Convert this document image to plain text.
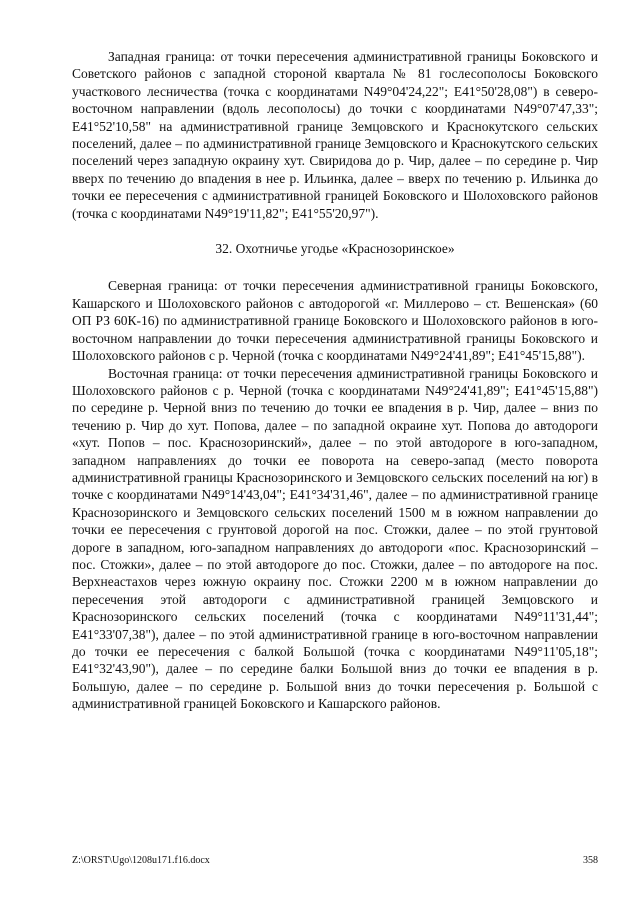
Западная граница: от точки пересечения административной границы Боковского и Советского районов с западной стороной квартала № 81 гослесополосы Боковского участкового лесничества (точка с координатами N49°04'24,22"; E41°50'28,08") в северо-восточном направлении (вдоль лесополосы) до точки с координатами N49°07'47,33"; E41°52'10,58" на административной границе Земцовского и Краснокутского сельских поселений, далее – по административной границе Земцовского и Краснокутского сельских поселений через западную окраину хут. Свиридова до р. Чир, далее – по середине р. Чир вверх по течению до впадения в нее р. Ильинка, далее – вверх по течению р. Ильинка до точки ее пересечения с административной границей Боковского и Шолоховского районов (точка с координатами N49°19'11,82"; E41°55'20,97").

32. Охотничье угодье «Краснозоринское»

Северная граница: от точки пересечения административной границы Боковского, Кашарского и Шолоховского районов с автодорогой «г. Миллерово – ст. Вешенская» (60 ОП РЗ 60К-16) по административной границе Боковского и Шолоховского районов в юго-восточном направлении до точки пересечения административной границы Боковского и Шолоховского районов с р. Черной (точка с координатами N49°24'41,89"; E41°45'15,88").

Восточная граница: от точки пересечения административной границы Боковского и Шолоховского районов с р. Черной (точка с координатами N49°24'41,89"; E41°45'15,88") по середине р. Черной вниз по течению до точки ее впадения в р. Чир, далее – вниз по течению р. Чир до хут. Попова, далее – по западной окраине хут. Попова до автодороги «хут. Попов – пос. Краснозоринский», далее – по этой автодороге в юго-западном, западном направлениях до точки ее поворота на северо-запад (место поворота административной границы Краснозоринского и Земцовского сельских поселений на юг) в точке с координатами N49°14'43,04"; E41°34'31,46", далее – по административной границе Краснозоринского и Земцовского сельских поселений 1500 м в южном направлении до точки ее пересечения с грунтовой дорогой на пос. Стожки, далее – по этой грунтовой дороге в западном, юго-западном направлениях до автодороги «пос. Краснозоринский – пос. Стожки», далее – по этой автодороге до пос. Стожки, далее – по автодороге на пос. Верхнеастахов через южную окраину пос. Стожки 2200 м в южном направлении до пересечения этой автодороги с административной границей Земцовского и Краснозоринского сельских поселений (точка с координатами N49°11'31,44"; E41°33'07,38"), далее – по этой административной границе в юго-восточном направлении до точки ее пересечения с балкой Большой (точка с координатами N49°11'05,18"; E41°32'43,90"), далее – по середине балки Большой вниз до точки ее впадения в р. Большую, далее – по середине р. Большой вниз до точки пересечения р. Большой с административной границей Боковского и Кашарского районов.

Z:\ORST\Ugo\1208u171.f16.docx	358
